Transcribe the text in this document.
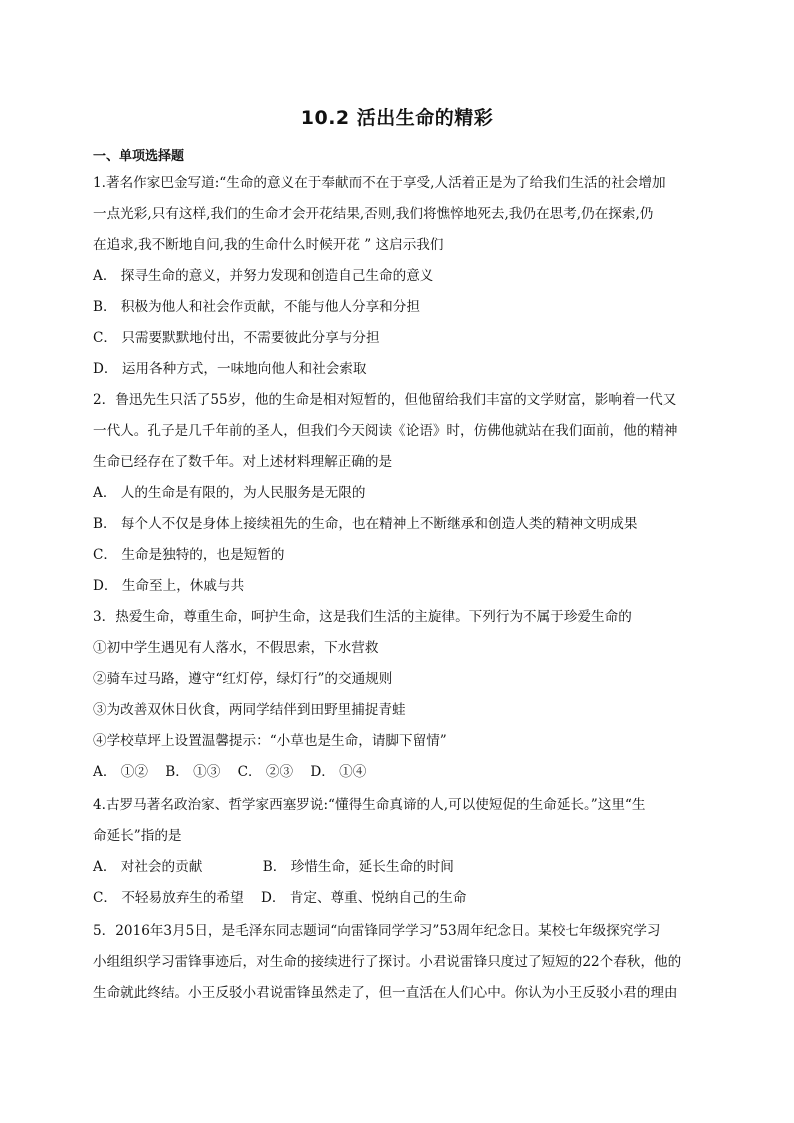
10.2 活出生命的精彩
一、单项选择题
1.著名作家巴金写道:“生命的意义在于奉献而不在于享受,人活着正是为了给我们生活的社会增加
一点光彩,只有这样,我们的生命才会开花结果,否则,我们将憔悴地死去,我仍在思考,仍在探索,仍
在追求,我不断地自问,我的生命什么时候开花 ” 这启示我们
A． 探寻生命的意义，并努力发现和创造自己生命的意义
B． 积极为他人和社会作贡献，不能与他人分享和分担
C． 只需要默默地付出，不需要彼此分享与分担
D． 运用各种方式，一味地向他人和社会索取
2．鲁迅先生只活了55岁，他的生命是相对短暂的，但他留给我们丰富的文学财富，影响着一代又
一代人。孔子是几千年前的圣人，但我们今天阅读《论语》时，仿佛他就站在我们面前，他的精神
生命已经存在了数千年。对上述材料理解正确的是
A． 人的生命是有限的，为人民服务是无限的
B． 每个人不仅是身体上接续祖先的生命，也在精神上不断继承和创造人类的精神文明成果
C． 生命是独特的，也是短暂的
D． 生命至上，休戚与共
3．热爱生命，尊重生命，呵护生命，这是我们生活的主旋律。下列行为不属于珍爱生命的
①初中学生遇见有人落水，不假思索，下水营救
②骑车过马路，遵守“红灯停，绿灯行”的交通规则
③为改善双休日伙食，两同学结伴到田野里捕捉青蛙
④学校草坪上设置温馨提示：“小草也是生命，请脚下留情”
A． ①②    B． ①③    C． ②③    D． ①④
4.古罗马著名政治家、哲学家西塞罗说:“懂得生命真谛的人,可以使短促的生命延长。”这里“生
命延长”指的是
A． 对社会的贡献              B． 珍惜生命，延长生命的时间
C． 不轻易放弃生的希望    D． 肯定、尊重、悦纳自己的生命
5．2016年3月5日，是毛泽东同志题词“向雷锋同学学习”53周年纪念日。某校七年级探究学习
小组组织学习雷锋事迹后，对生命的接续进行了探讨。小君说雷锋只度过了短短的22个春秋，他的
生命就此终结。小王反驳小君说雷锋虽然走了，但一直活在人们心中。你认为小王反驳小君的理由
